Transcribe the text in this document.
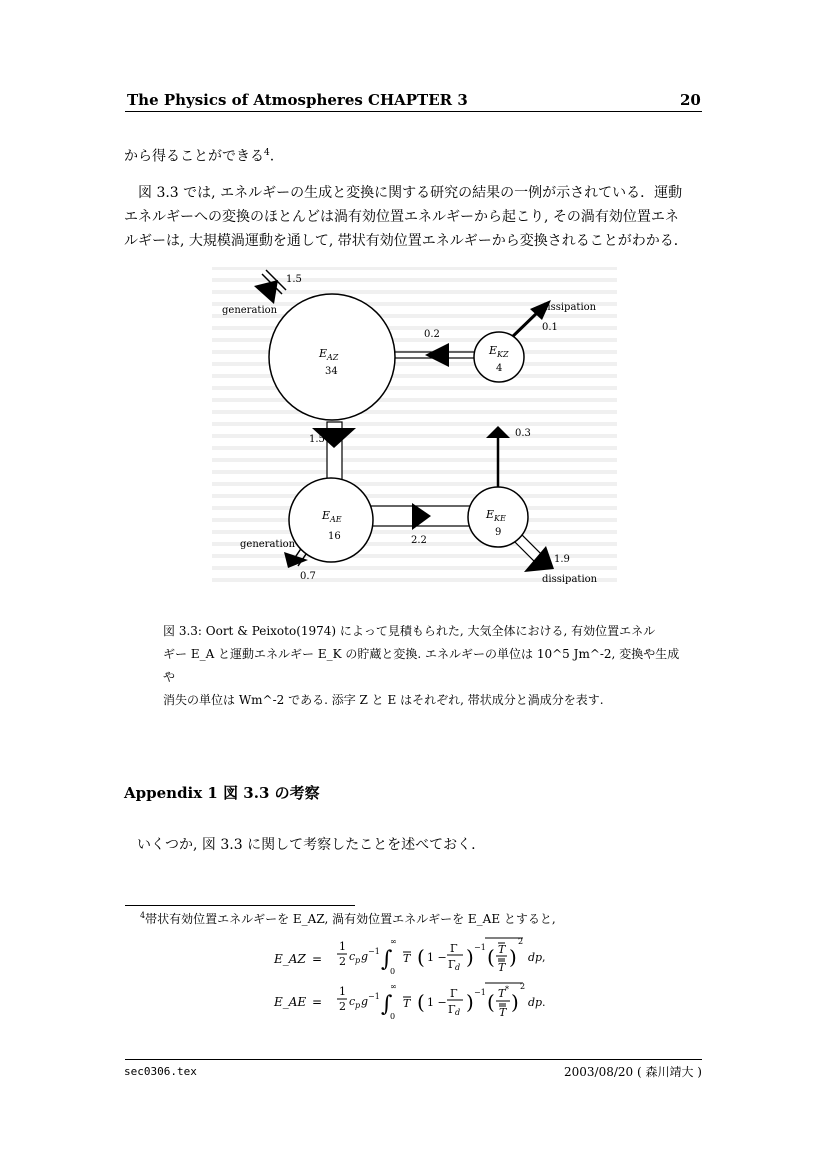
The Physics of Atmospheres CHAPTER 3	20
から得ることができる$^4$.
図 3.3 では, エネルギーの生成と変換に関する研究の結果の一例が示されている．運動
エネルギーへの変換のほとんどは渦有効位置エネルギーから起こり, その渦有効位置エネ
ルギーは, 大規模渦運動を通して, 帯状有効位置エネルギーから変換されることがわかる．
1.5
generation
0.2
dissipation
0.1
$E_{AZ}$
34
$E_{KZ}$
4
1.5
0.3
$E_{AE}$
16
$E_{KE}$
9
2.2
generation
0.7
1.9
dissipation
図 3.3: Oort & Peixoto(1974) によって見積もられた, 大気全体における, 有効位置エネル
ギー E_A と運動エネルギー E_K の貯蔵と変換. エネルギーの単位は 10^5 Jm^-2, 変換や生成や
消失の単位は Wm^-2 である. 添字 Z と E はそれぞれ, 帯状成分と渦成分を表す.
Appendix 1 図 3.3 の考察
いくつか, 図 3.3 に関して考察したことを述べておく.
$^4$帯状有効位置エネルギーを E_AZ, 渦有効位置エネルギーを E_AE とすると,
E_AZ =
1
2 c p g −1 ∫
∞
0
T ( 1 −
Γ
Γ d ) −1 ( T
T )
2
dp ,
E_AE =
1
2 c p g −1 ∫
∞
0
T ( 1 −
Γ
Γ d ) −1 ( T *
T )
2
dp .
sec0306.tex	2003/08/20 ( 森川靖大 )
